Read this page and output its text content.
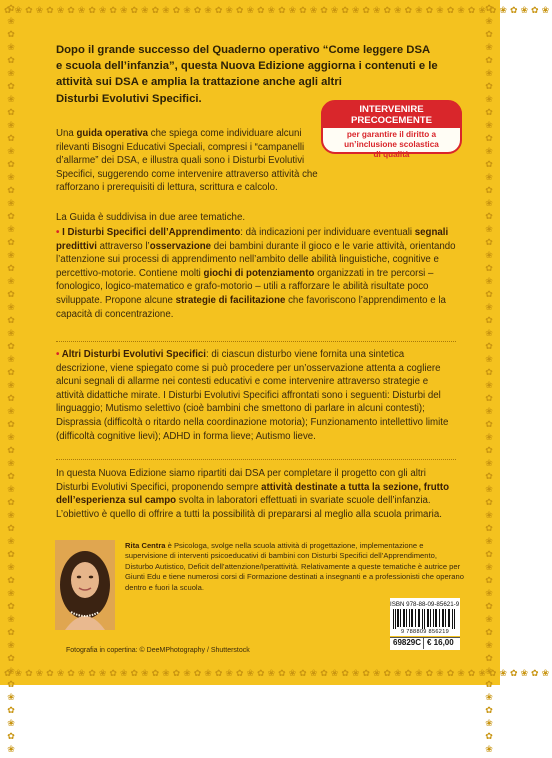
✿❀✿❀✿❀✿❀✿❀✿❀✿❀✿❀✿❀✿❀✿❀✿❀✿❀✿❀✿❀✿❀✿❀✿❀✿❀✿❀✿❀✿❀✿❀✿❀✿❀✿❀
✿❀✿❀✿❀✿❀✿❀✿❀✿❀✿❀✿❀✿❀✿❀✿❀✿❀✿❀✿❀✿❀✿❀✿❀✿❀✿❀✿❀✿❀✿❀✿❀✿❀✿❀
✿❀✿❀✿❀✿❀✿❀✿❀✿❀✿❀✿❀✿❀✿❀✿❀✿❀✿❀✿❀✿❀✿❀✿❀✿❀✿❀✿❀✿❀✿❀✿❀✿❀✿❀✿❀✿❀✿❀	✿❀✿❀✿❀✿❀✿❀✿❀✿❀✿❀✿❀✿❀✿❀✿❀✿❀✿❀✿❀✿❀✿❀✿❀✿❀✿❀✿❀✿❀✿❀✿❀✿❀✿❀✿❀✿❀✿❀
Dopo il grande successo del Quaderno operativo “Come leggere DSA
e scuola dell’infanzia”, questa Nuova Edizione aggiorna i contenuti e le
attività sui DSA e amplia la trattazione anche agli altri
Disturbi Evolutivi Specifici.
INTERVENIRE
PRECOCEMENTE
per garantire il diritto a
un’inclusione scolastica
di qualità
Una guida operativa che spiega come individuare alcuni rilevanti Bisogni Educativi Speciali, compresi i “campanelli d’allarme” dei DSA, e illustra quali sono i Disturbi Evolutivi Specifici, suggerendo come intervenire attraverso attività che rafforzano i prerequisiti di lettura, scrittura e calcolo.
La Guida è suddivisa in due aree tematiche.
• I Disturbi Specifici dell’Apprendimento: dà indicazioni per individuare eventuali segnali predittivi attraverso l’osservazione dei bambini durante il gioco e le varie attività, orientando l’attenzione sui processi di apprendimento nell’ambito delle abilità linguistiche, cognitive e percettivo-motorie. Contiene molti giochi di potenziamento organizzati in tre percorsi – fonologico, logico-matematico e grafo-motorio – utili a rafforzare le abilità risultate poco sviluppate. Propone alcune strategie di facilitazione che favoriscono l’apprendimento e la capacità di concentrazione.
• Altri Disturbi Evolutivi Specifici: di ciascun disturbo viene fornita una sintetica descrizione, viene spiegato come si può procedere per un’osservazione attenta a cogliere alcuni segnali di allarme nei contesti educativi e come intervenire attraverso strategie e attività didattiche mirate. I Disturbi Evolutivi Specifici affrontati sono i seguenti: Disturbi del linguaggio; Mutismo selettivo (cioè bambini che smettono di parlare in alcuni contesti); Disprassia (difficoltà o ritardo nella coordinazione motoria); Funzionamento intellettivo limite (difficoltà cognitive lievi); ADHD in forma lieve; Autismo lieve.
In questa Nuova Edizione siamo ripartiti dai DSA per completare il progetto con gli altri Disturbi Evolutivi Specifici, proponendo sempre attività destinate a tutta la sezione, frutto dell’esperienza sul campo svolta in laboratori effettuati in svariate scuole dell’infanzia. L’obiettivo è quello di offrire a tutti la possibilità di prepararsi al meglio alla scuola primaria.
Rita Centra è Psicologa, svolge nella scuola attività di progettazione, implementazione e supervisione di interventi psicoeducativi di bambini con Disturbi Specifici dell’Apprendimento, Disturbo Autistico, Deficit dell’attenzione/Iperattività. Relativamente a queste tematiche è autrice per Giunti Edu e tiene numerosi corsi di Formazione destinati a insegnanti e a professionisti che operano dentro e fuori la scuola.
ISBN 978-88-09-85621-9
9 788809 856219
69829C € 16,00
Fotografia in copertina: © DeeMPhotography / Shutterstock
